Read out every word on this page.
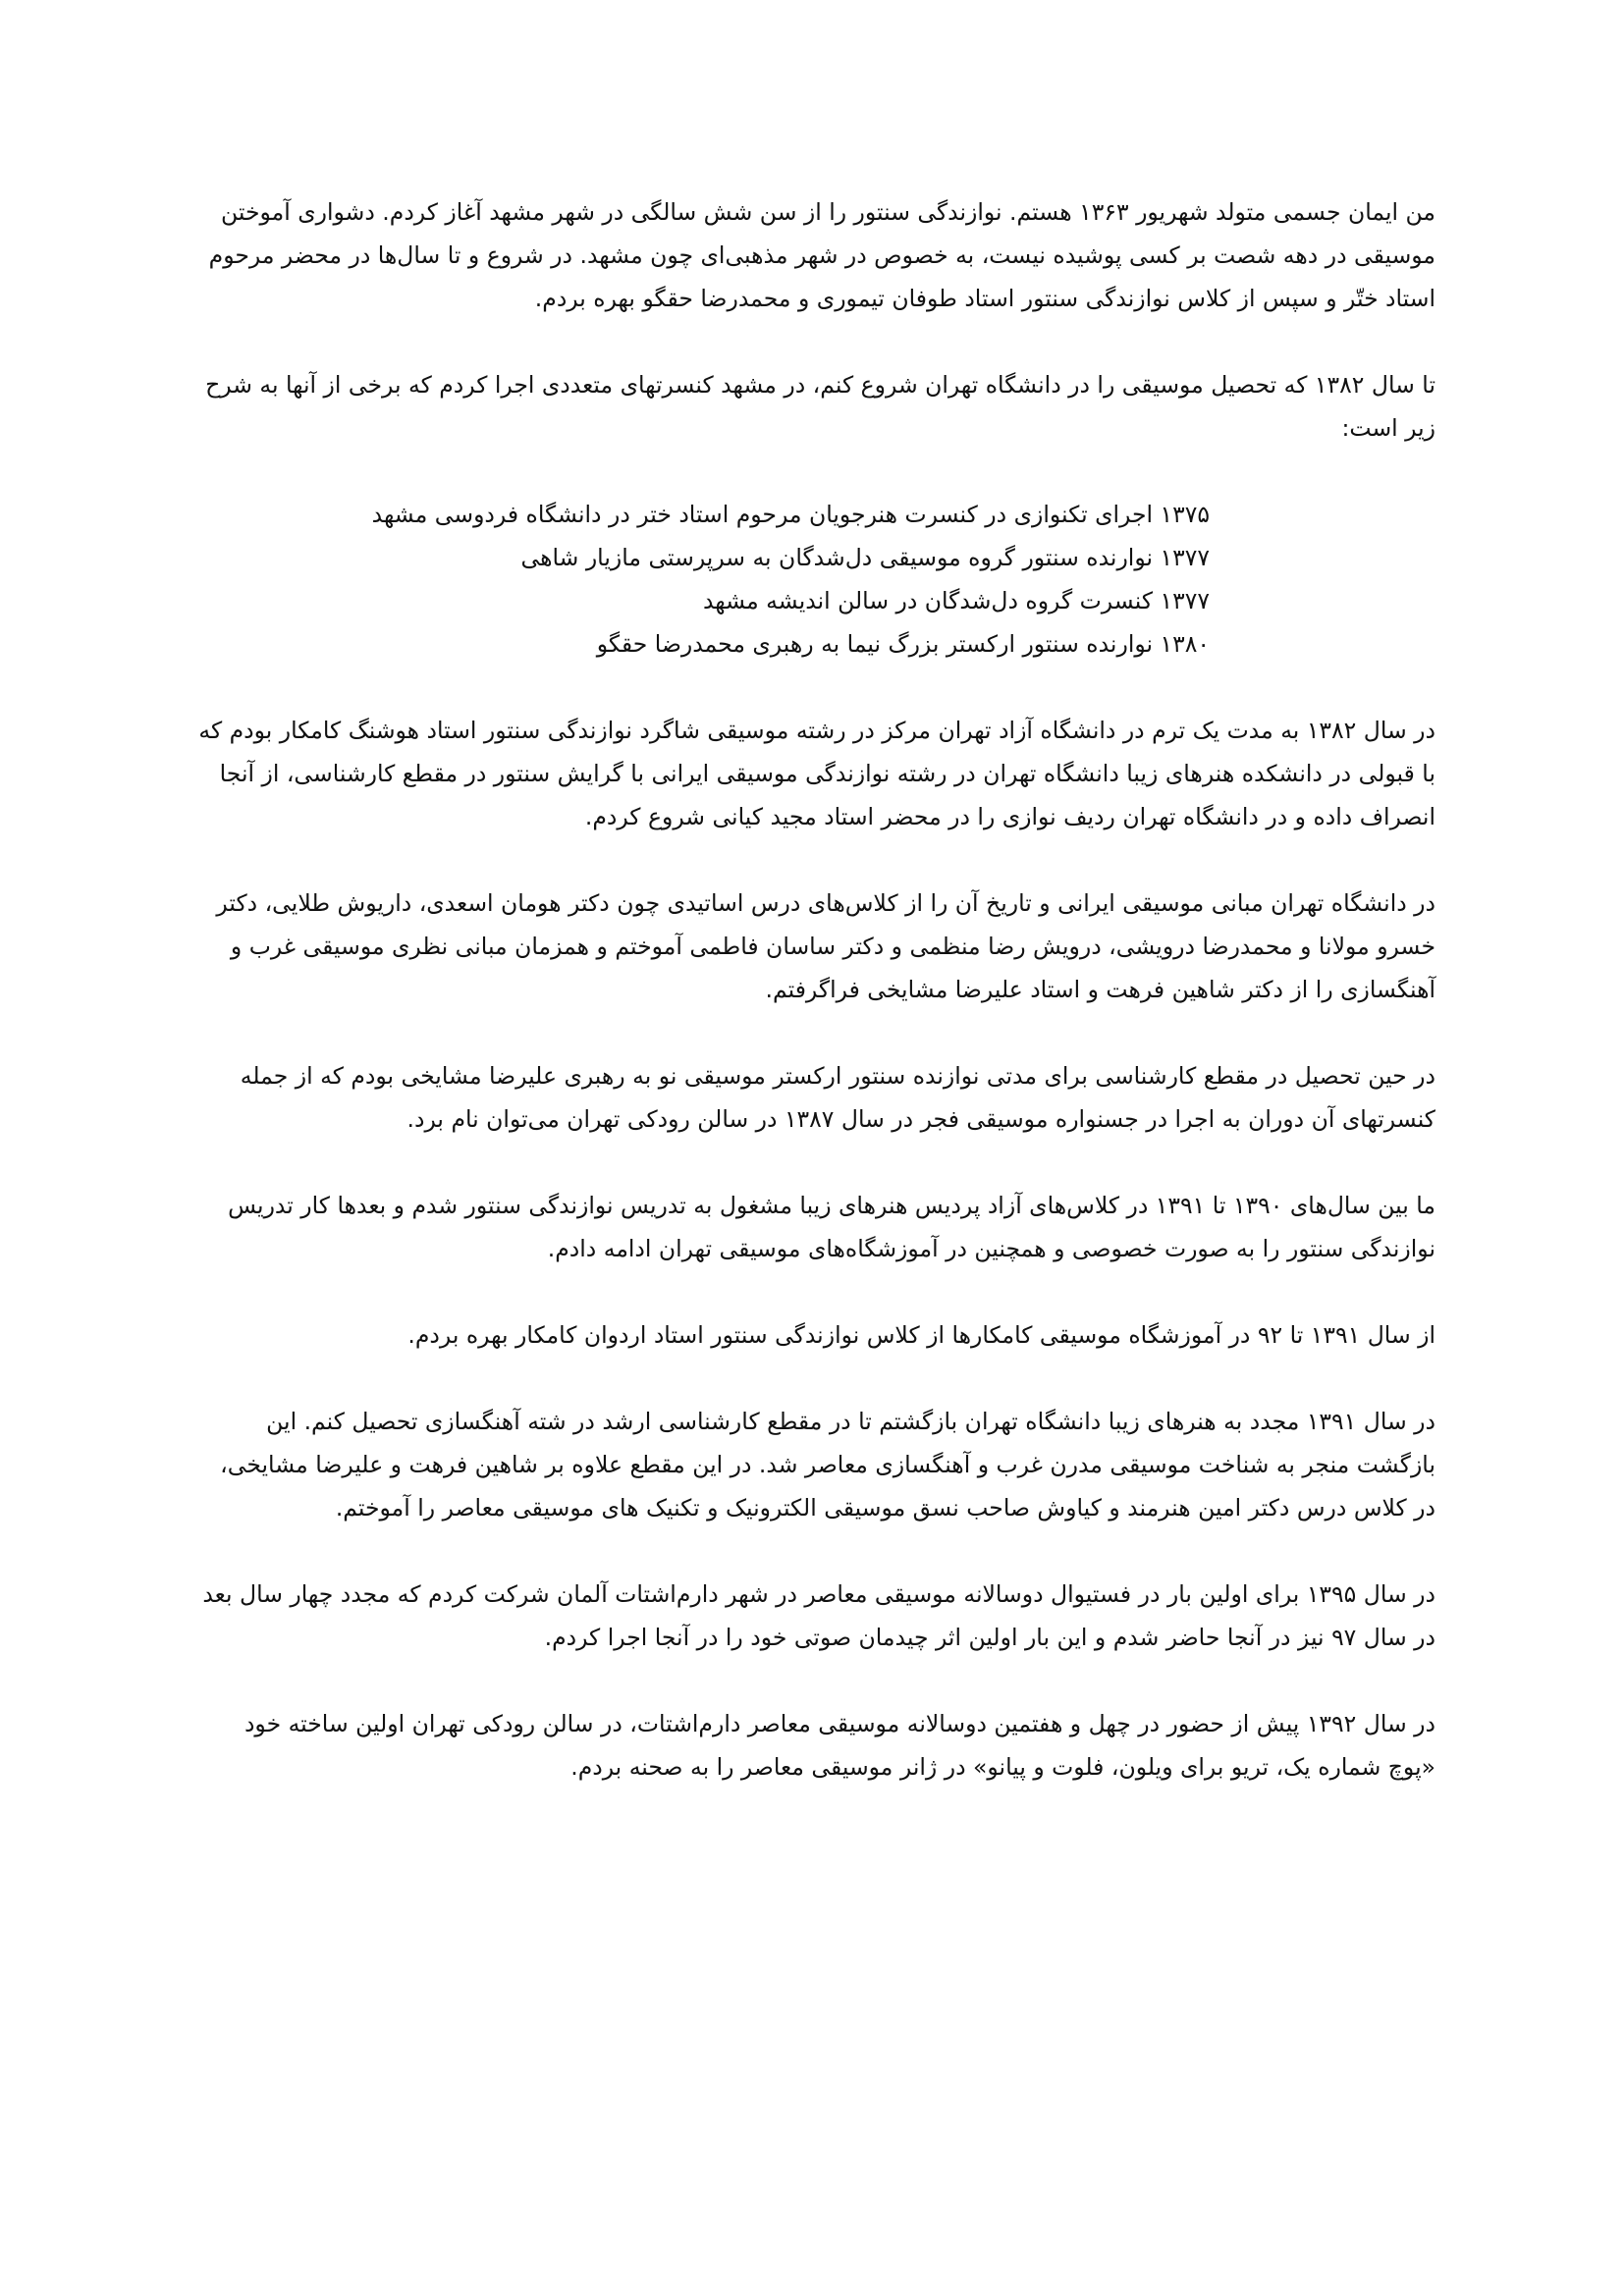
من ایمان جسمی متولد شهریور ۱۳۶۳ هستم. نوازندگی سنتور را از سن شش سالگی در شهر مشهد آغاز کردم. دشواری آموختن موسیقی در دهه شصت بر کسی پوشیده نیست، به خصوص در شهر مذهبی‌ای چون مشهد. در شروع و تا سال‌ها در محضر مرحوم استاد ختّر و سپس از کلاس نوازندگی سنتور استاد طوفان تیموری و محمدرضا حقگو بهره بردم.

تا سال ۱۳۸۲ که تحصیل موسیقی را در دانشگاه تهران شروع کنم، در مشهد کنسرتهای متعددی اجرا کردم که برخی از آنها به شرح زیر است:

۱۳۷۵ اجرای تکنوازی در کنسرت هنرجویان مرحوم استاد ختر در دانشگاه فردوسی مشهد
۱۳۷۷ نوارنده سنتور گروه موسیقی دل‌شدگان به سرپرستی مازیار شاهی
۱۳۷۷ کنسرت گروه دل‌شدگان در سالن اندیشه مشهد
۱۳۸۰ نوارنده سنتور ارکستر بزرگ نیما به رهبری محمدرضا حقگو

در سال ۱۳۸۲ به مدت یک ترم در دانشگاه آزاد تهران مرکز در رشته موسیقی شاگرد نوازندگی سنتور استاد هوشنگ کامکار بودم که با قبولی در دانشکده هنرهای زیبا دانشگاه تهران در رشته نوازندگی موسیقی ایرانی با گرایش سنتور در مقطع کارشناسی، از آنجا انصراف داده و در دانشگاه تهران ردیف نوازی را در محضر استاد مجید کیانی شروع کردم.

در دانشگاه تهران مبانی موسیقی ایرانی و تاریخ آن را از کلاس‌های درس اساتیدی چون دکتر هومان اسعدی، داریوش طلایی، دکتر خسرو مولانا و محمدرضا درویشی، درویش رضا منظمی و دکتر ساسان فاطمی آموختم و همزمان مبانی نظری موسیقی غرب و آهنگسازی را از دکتر شاهین فرهت و استاد علیرضا مشایخی فراگرفتم.

در حین تحصیل در مقطع کارشناسی برای مدتی نوازنده سنتور ارکستر موسیقی نو به رهبری علیرضا مشایخی بودم که از جمله کنسرتهای آن دوران به اجرا در جسنواره موسیقی فجر در سال ۱۳۸۷ در سالن رودکی تهران می‌توان نام برد.

ما بین سال‌های ۱۳۹۰ تا ۱۳۹۱ در کلاس‌های آزاد پردیس هنرهای زیبا مشغول به تدریس نوازندگی سنتور شدم و بعدها کار تدریس نوازندگی سنتور را به صورت خصوصی و همچنین در آموزشگاه‌های موسیقی تهران ادامه دادم.

از سال ۱۳۹۱ تا ۹۲ در آموزشگاه موسیقی کامکارها از کلاس نوازندگی سنتور استاد اردوان کامکار بهره بردم.

در سال ۱۳۹۱ مجدد به هنرهای زیبا دانشگاه تهران بازگشتم تا در مقطع کارشناسی ارشد در شته آهنگسازی تحصیل کنم. این بازگشت منجر به شناخت موسیقی مدرن غرب و آهنگسازی معاصر شد. در این مقطع علاوه بر شاهین فرهت و علیرضا مشایخی، در کلاس درس دکتر امین هنرمند و کیاوش صاحب نسق موسیقی الکترونیک و تکنیک های موسیقی معاصر را آموختم.

در سال ۱۳۹۵ برای اولین بار در فستیوال دوسالانه موسیقی معاصر در شهر دارم‌اشتات آلمان شرکت کردم که مجدد چهار سال بعد در سال ۹۷ نیز در آنجا حاضر شدم و این بار اولین اثر چیدمان صوتی خود را در آنجا اجرا کردم.

در سال ۱۳۹۲ پیش از حضور در چهل و هفتمین دوسالانه موسیقی معاصر دارم‌اشتات، در سالن رودکی تهران اولین ساخته خود «پوچ شماره یک، تریو برای ویلون، فلوت و پیانو» در ژانر موسیقی معاصر را به صحنه بردم.
